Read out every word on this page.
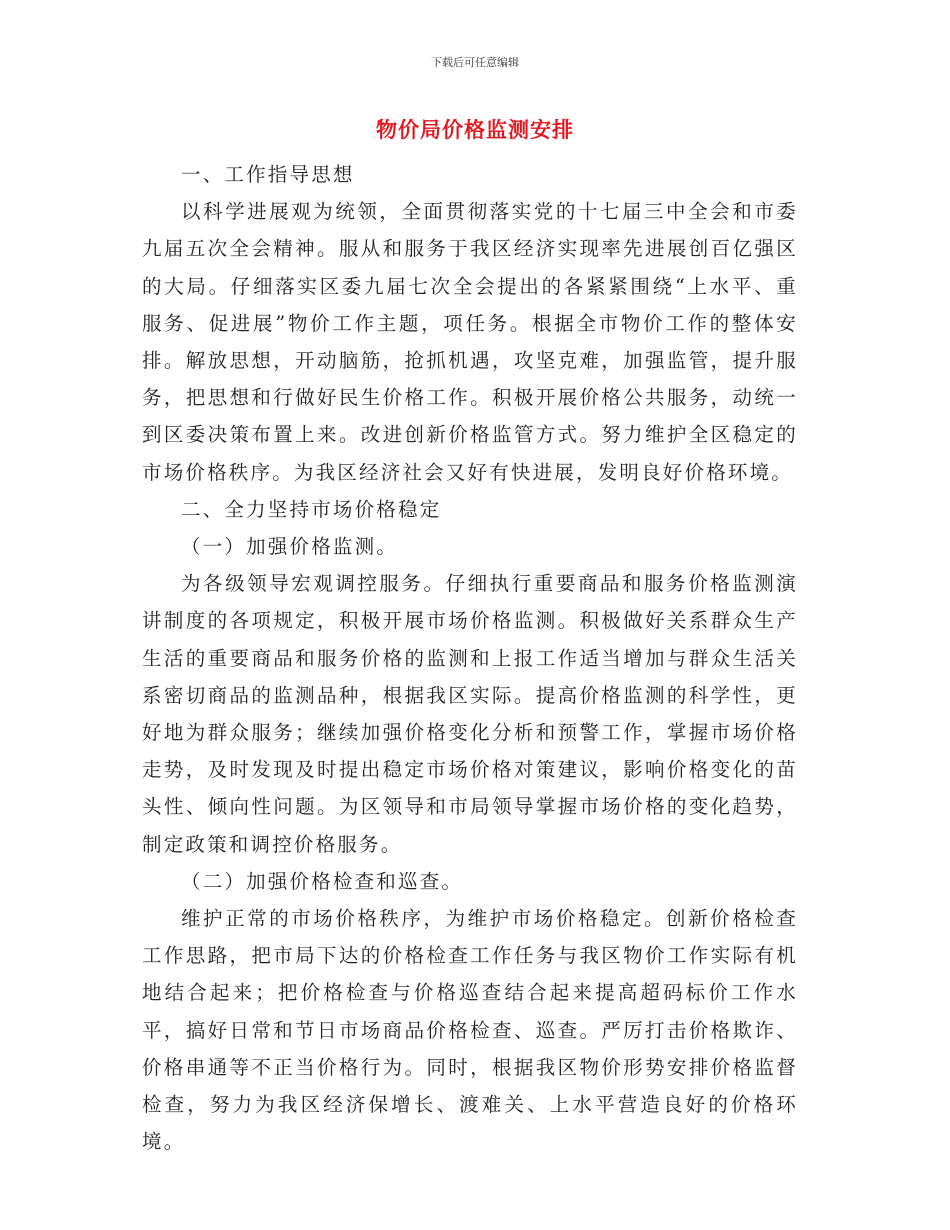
下载后可任意编辑
物价局价格监测安排

一、工作指导思想

以科学进展观为统领，全面贯彻落实党的十七届三中全会和市委九届五次全会精神。服从和服务于我区经济实现率先进展创百亿强区的大局。仔细落实区委九届七次全会提出的各紧紧围绕“上水平、重服务、促进展”物价工作主题，项任务。根据全市物价工作的整体安排。解放思想，开动脑筋，抢抓机遇，攻坚克难，加强监管，提升服务，把思想和行做好民生价格工作。积极开展价格公共服务，动统一到区委决策布置上来。改进创新价格监管方式。努力维护全区稳定的市场价格秩序。为我区经济社会又好有快进展，发明良好价格环境。

二、全力坚持市场价格稳定

（一）加强价格监测。

为各级领导宏观调控服务。仔细执行重要商品和服务价格监测演讲制度的各项规定，积极开展市场价格监测。积极做好关系群众生产生活的重要商品和服务价格的监测和上报工作适当增加与群众生活关系密切商品的监测品种，根据我区实际。提高价格监测的科学性，更好地为群众服务；继续加强价格变化分析和预警工作，掌握市场价格走势，及时发现及时提出稳定市场价格对策建议，影响价格变化的苗头性、倾向性问题。为区领导和市局领导掌握市场价格的变化趋势，制定政策和调控价格服务。

（二）加强价格检查和巡查。

维护正常的市场价格秩序，为维护市场价格稳定。创新价格检查工作思路，把市局下达的价格检查工作任务与我区物价工作实际有机地结合起来；把价格检查与价格巡查结合起来提高超码标价工作水平，搞好日常和节日市场商品价格检查、巡查。严厉打击价格欺诈、价格串通等不正当价格行为。同时，根据我区物价形势安排价格监督检查，努力为我区经济保增长、渡难关、上水平营造良好的价格环境。
